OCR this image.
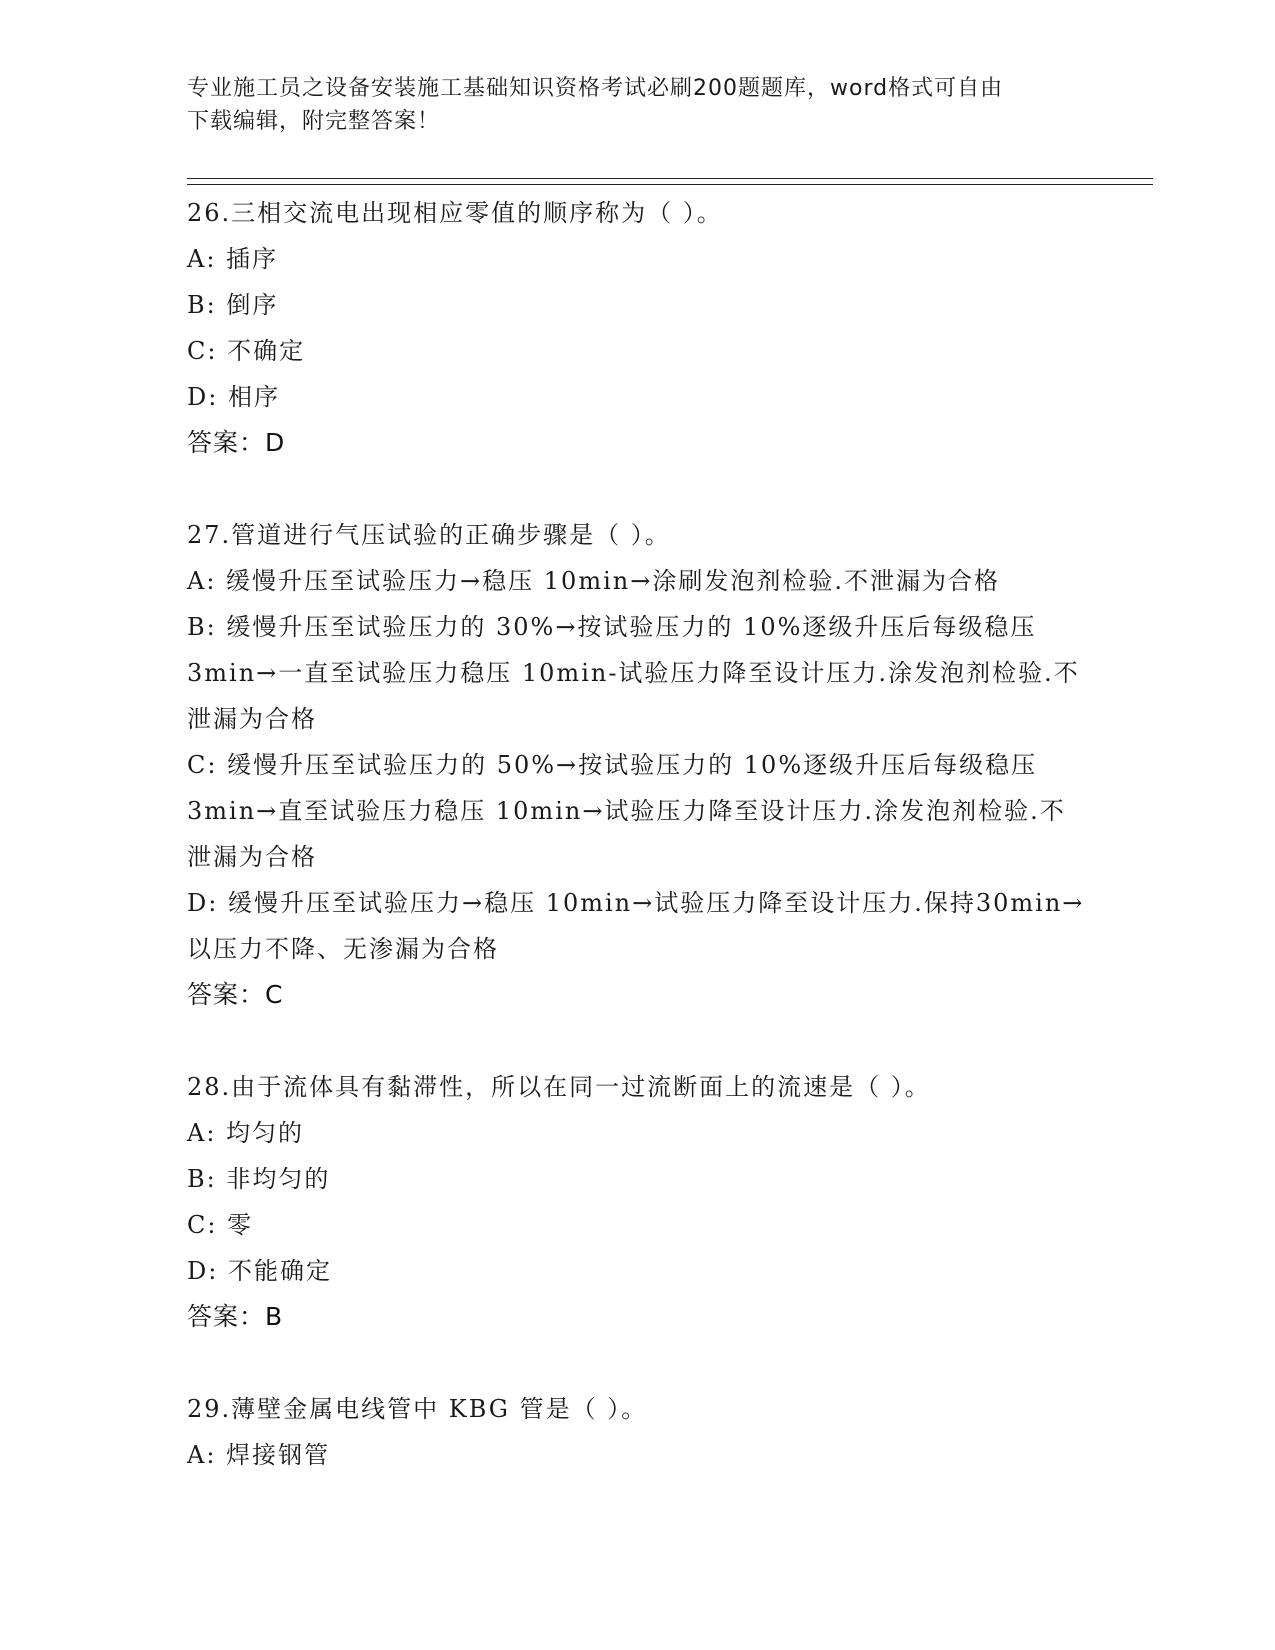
专业施工员之设备安装施工基础知识资格考试必刷200题题库，word格式可自由
下载编辑，附完整答案！

26.三相交流电出现相应零值的顺序称为（ ）。

A: 插序

B: 倒序

C: 不确定

D: 相序

答案：D

27.管道进行气压试验的正确步骤是（ ）。

A: 缓慢升压至试验压力→稳压 10min→涂刷发泡剂检验.不泄漏为合格

B: 缓慢升压至试验压力的 30%→按试验压力的 10%逐级升压后每级稳压 3min→一直至试验压力稳压 10min-试验压力降至设计压力.涂发泡剂检验.不泄漏为合格

C: 缓慢升压至试验压力的 50%→按试验压力的 10%逐级升压后每级稳压 3min→直至试验压力稳压 10min→试验压力降至设计压力.涂发泡剂检验.不泄漏为合格

D: 缓慢升压至试验压力→稳压 10min→试验压力降至设计压力.保持30min→以压力不降、无渗漏为合格

答案：C

28.由于流体具有黏滞性，所以在同一过流断面上的流速是（ ）。

A: 均匀的

B: 非均匀的

C: 零

D: 不能确定

答案：B

29.薄壁金属电线管中 KBG 管是（ ）。

A: 焊接钢管
